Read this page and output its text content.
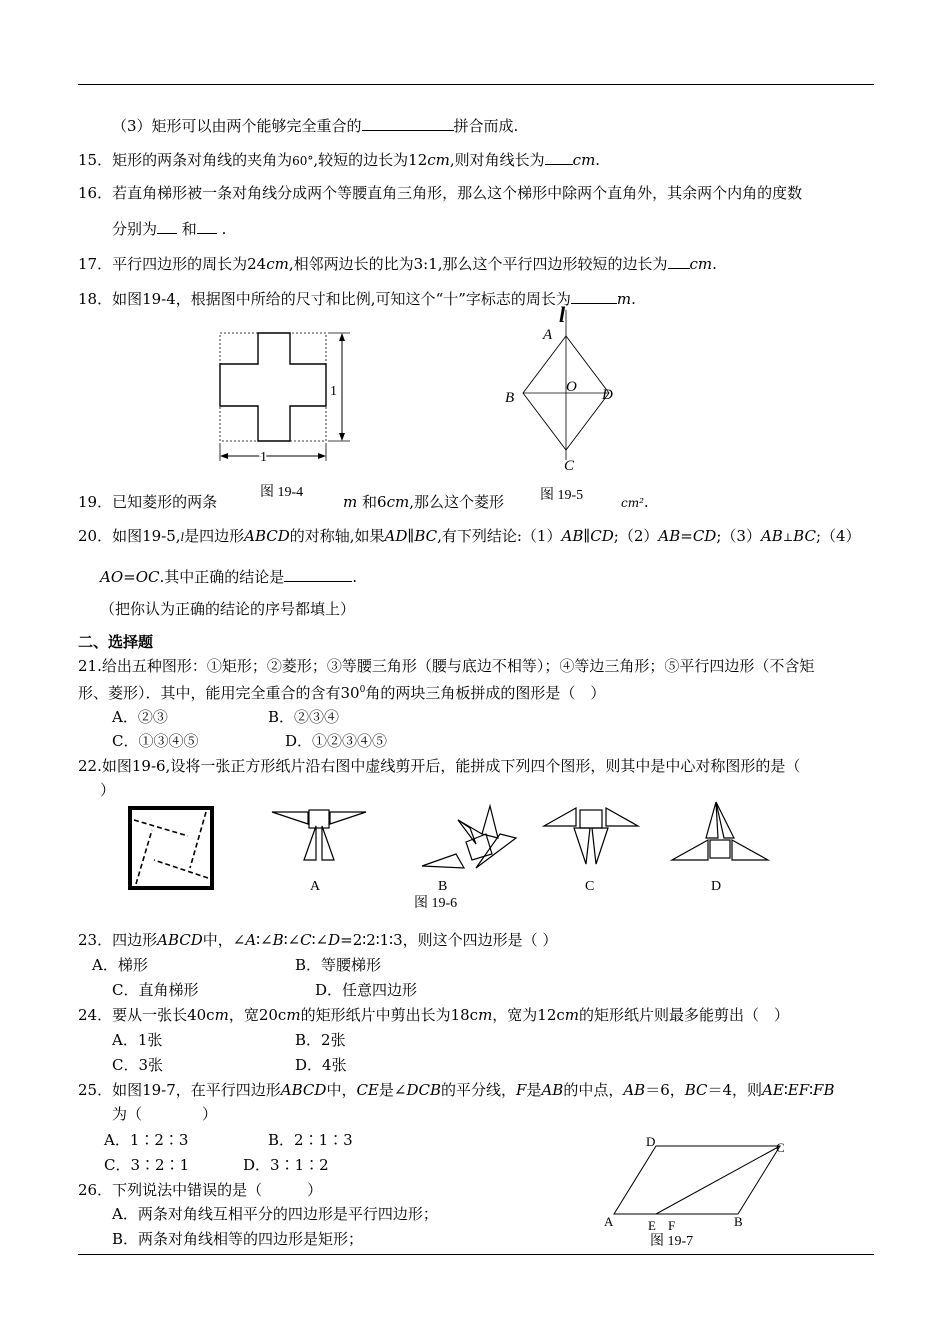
（3）矩形可以由两个能够完全重合的	拼合而成.
15．矩形的两条对角线的夹角为60°,较短的边长为12cm,则对角线长为 cm.
16．若直角梯形被一条对角线分成两个等腰直角三角形，那么这个梯形中除两个直角外，其余两个内角的度数
分别为 和 .
17．平行四边形的周长为24cm,相邻两边长的比为3:1,那么这个平行四边形较短的边长为 cm.
18．如图19-4，根据图中所给的尺寸和比例,可知这个“十”字标志的周长为	m.
1
1
图 19-4
l
A
B
C
D
O
图 19-5
19．已知菱形的两条	m 和6cm,那么这个菱形	cm².
20．如图19-5,l是四边形ABCD的对称轴,如果AD∥BC,有下列结论:（1）AB∥CD;（2）AB=CD;（3）AB⊥BC;（4）
AO=OC.其中正确的结论是	.
（把你认为正确的结论的序号都填上）
二、选择题
21.给出五种图形：①矩形；②菱形；③等腰三角形（腰与底边不相等）；④等边三角形；⑤平行四边形（不含矩
形、菱形）．其中，能用完全重合的含有$30^0$角的两块三角板拼成的图形是（　）
A．②③	B．②③④
C．①③④⑤	D．①②③④⑤
22.如图19-6,设将一张正方形纸片沿右图中虚线剪开后，能拼成下列四个图形，则其中是中心对称图形的是（
）
A	B	C	D
图 19-6
23．四边形ABCD中，∠A∶∠B∶∠C∶∠D=2∶2∶1∶3，则这个四边形是（ ）
A．梯形	B．等腰梯形
C．直角梯形	D．任意四边形
24．要从一张长40cm，宽20cm的矩形纸片中剪出长为18cm，宽为12cm的矩形纸片则最多能剪出（　）
A．1张	B．2张
C．3张	D．4张
25．如图19-7，在平行四边形ABCD中，CE是∠DCB的平分线，F是AB的中点，AB＝6，BC＝4，则AE∶EF∶FB
为（　　　　）
A．1∶2∶3	B．2∶1∶3
C．3∶2∶1	D．3∶1∶2
D	C
A	E F	B
图 19-7
26．下列说法中错误的是（　　　）
A．两条对角线互相平分的四边形是平行四边形；
B．两条对角线相等的四边形是矩形；
